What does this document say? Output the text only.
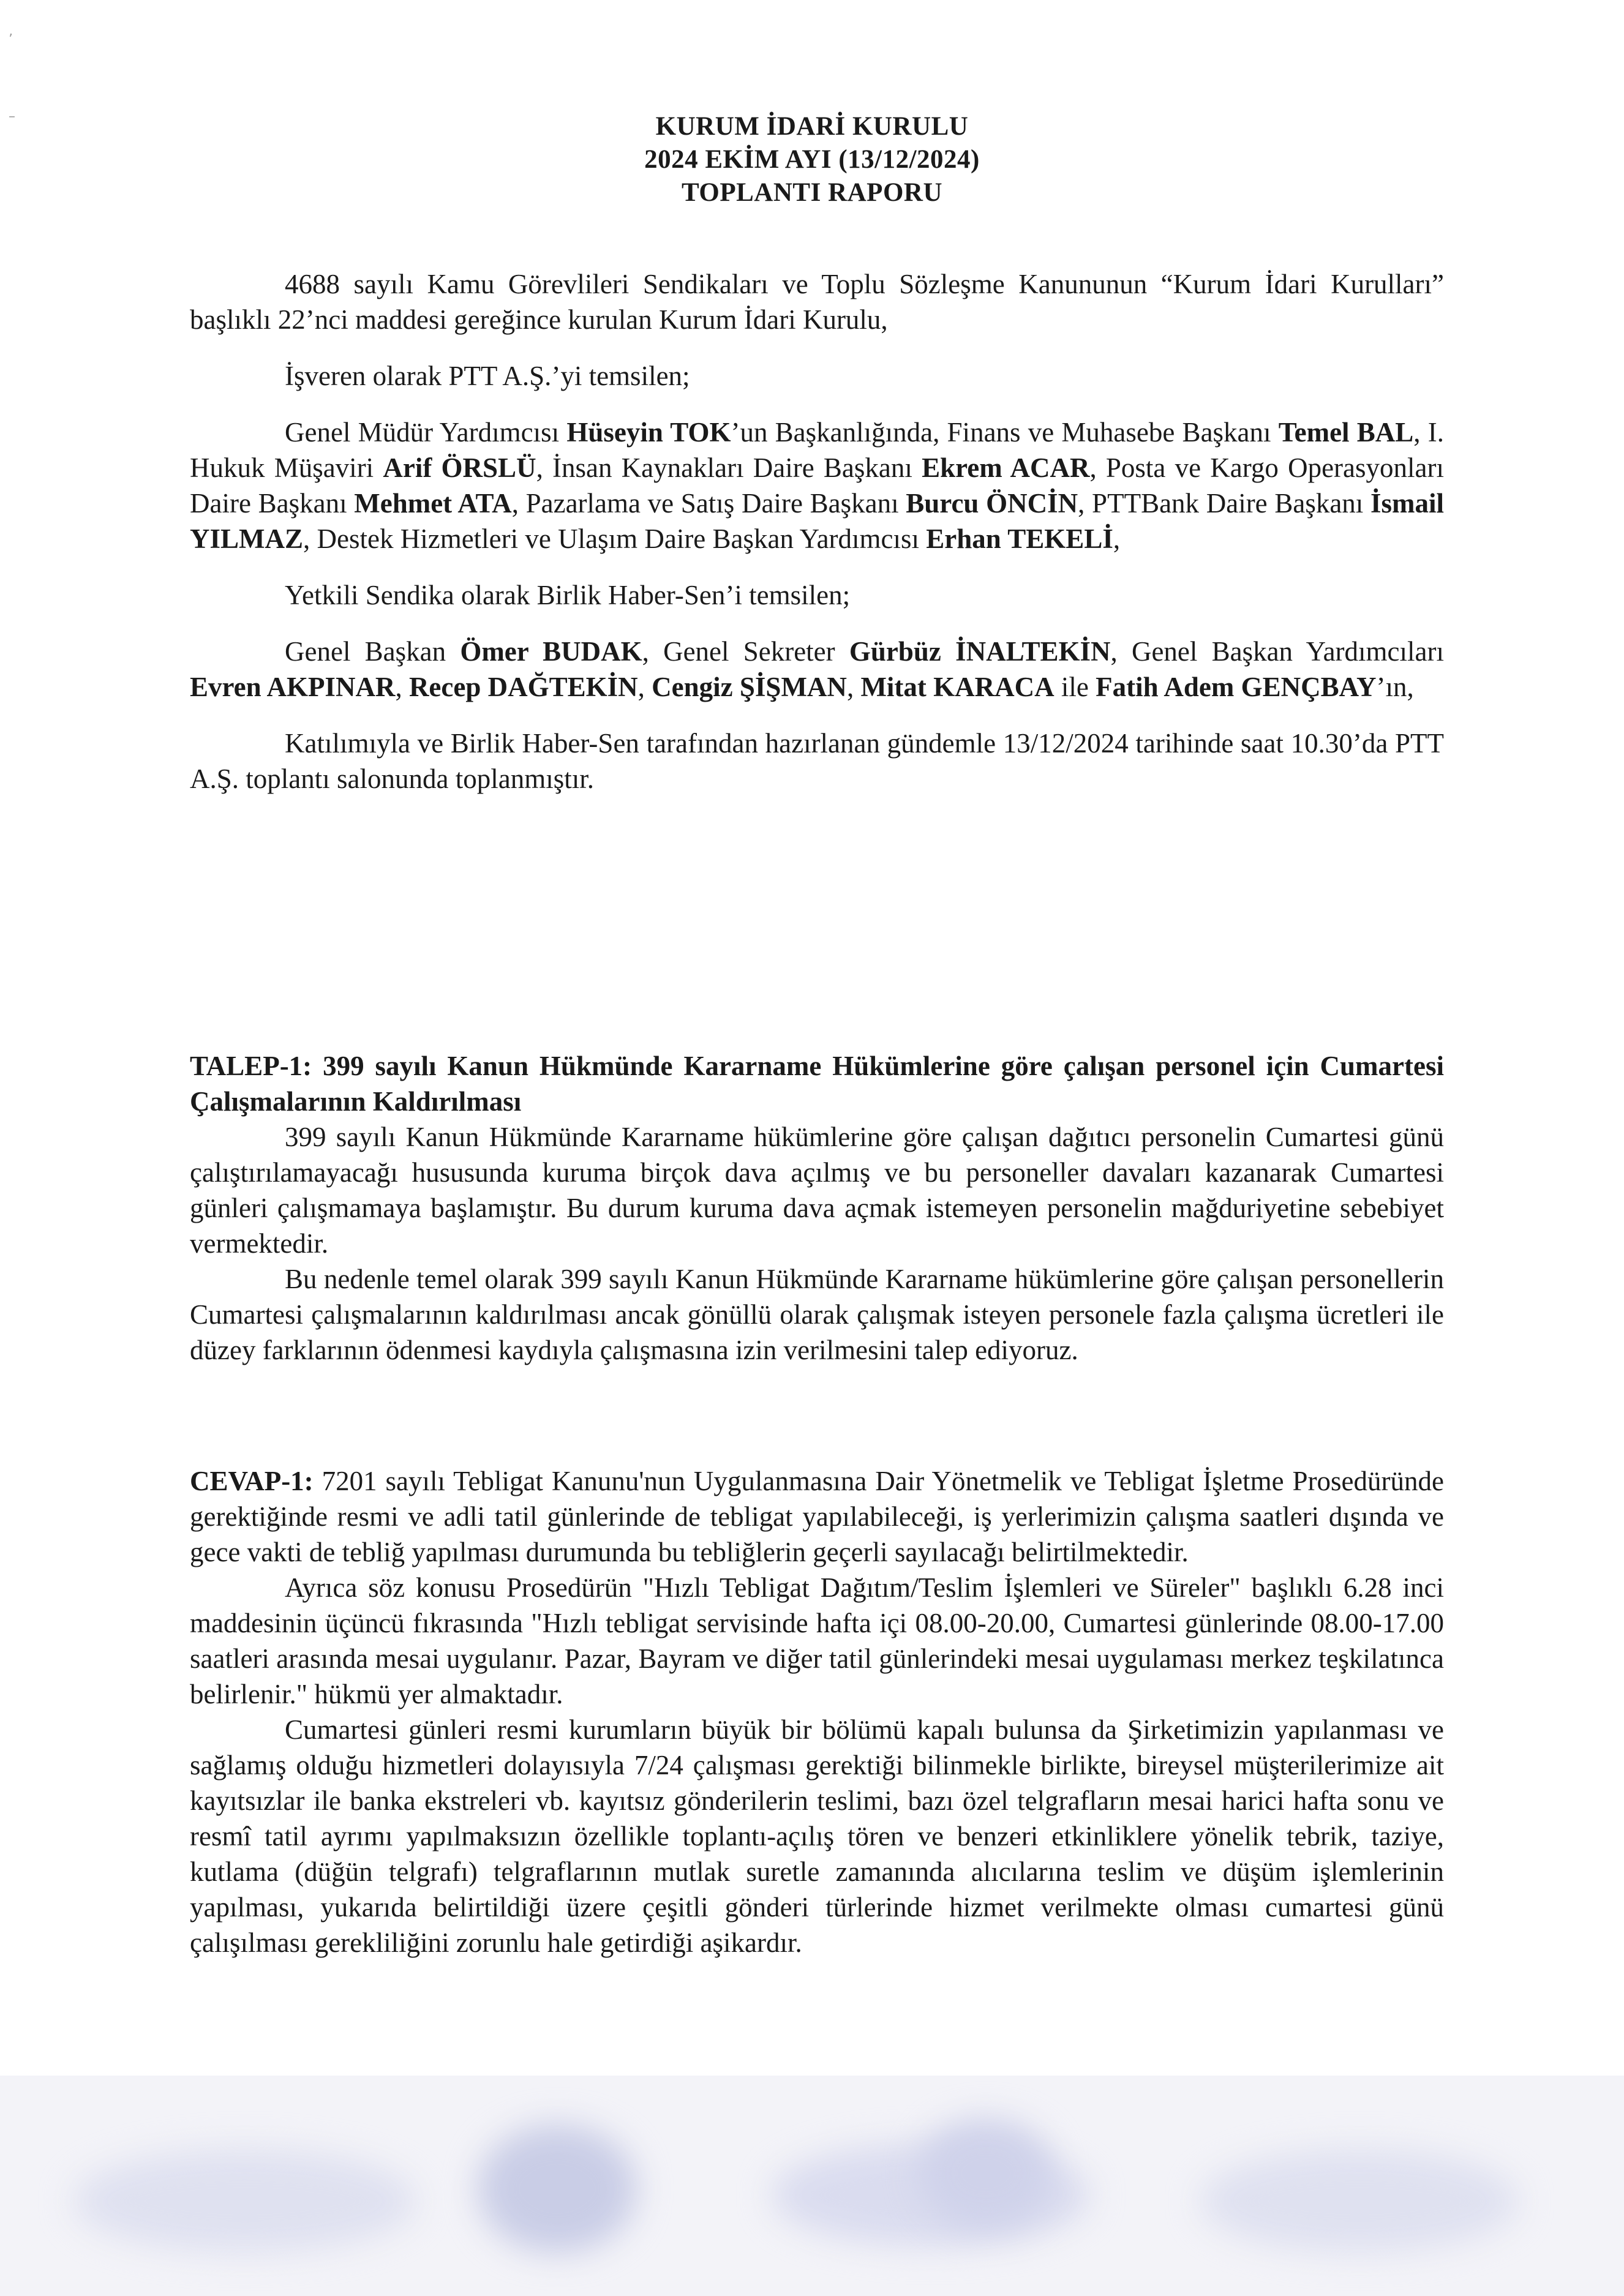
ʼ
–	KURUM İDARİ KURULU
2024 EKİM AYI (13/12/2024)
TOPLANTI RAPORU

4688 sayılı Kamu Görevlileri Sendikaları ve Toplu Sözleşme Kanununun “Kurum İdari Kurulları” başlıklı 22’nci maddesi gereğince kurulan Kurum İdari Kurulu,

İşveren olarak PTT A.Ş.’yi temsilen;

Genel Müdür Yardımcısı Hüseyin TOK’un Başkanlığında, Finans ve Muhasebe Başkanı Temel BAL, I. Hukuk Müşaviri Arif ÖRSLÜ, İnsan Kaynakları Daire Başkanı Ekrem ACAR, Posta ve Kargo Operasyonları Daire Başkanı Mehmet ATA, Pazarlama ve Satış Daire Başkanı Burcu ÖNCİN, PTTBank Daire Başkanı İsmail YILMAZ, Destek Hizmetleri ve Ulaşım Daire Başkan Yardımcısı Erhan TEKELİ,

Yetkili Sendika olarak Birlik Haber-Sen’i temsilen;

Genel Başkan Ömer BUDAK, Genel Sekreter Gürbüz İNALTEKİN, Genel Başkan Yardımcıları Evren AKPINAR, Recep DAĞTEKİN, Cengiz ŞİŞMAN, Mitat KARACA ile Fatih Adem GENÇBAY’ın,

Katılımıyla ve Birlik Haber-Sen tarafından hazırlanan gündemle 13/12/2024 tarihinde saat 10.30’da PTT A.Ş. toplantı salonunda toplanmıştır.

TALEP-1: 399 sayılı Kanun Hükmünde Kararname Hükümlerine göre çalışan personel için Cumartesi Çalışmalarının Kaldırılması

399 sayılı Kanun Hükmünde Kararname hükümlerine göre çalışan dağıtıcı personelin Cumartesi günü çalıştırılamayacağı hususunda kuruma birçok dava açılmış ve bu personeller davaları kazanarak Cumartesi günleri çalışmamaya başlamıştır. Bu durum kuruma dava açmak istemeyen personelin mağduriyetine sebebiyet vermektedir.

Bu nedenle temel olarak 399 sayılı Kanun Hükmünde Kararname hükümlerine göre çalışan personellerin Cumartesi çalışmalarının kaldırılması ancak gönüllü olarak çalışmak isteyen personele fazla çalışma ücretleri ile düzey farklarının ödenmesi kaydıyla çalışmasına izin verilmesini talep ediyoruz.

CEVAP-1: 7201 sayılı Tebligat Kanunu'nun Uygulanmasına Dair Yönetmelik ve Tebligat İşletme Prosedüründe gerektiğinde resmi ve adli tatil günlerinde de tebligat yapılabileceği, iş yerlerimizin çalışma saatleri dışında ve gece vakti de tebliğ yapılması durumunda bu tebliğlerin geçerli sayılacağı belirtilmektedir.

Ayrıca söz konusu Prosedürün "Hızlı Tebligat Dağıtım/Teslim İşlemleri ve Süreler" başlıklı 6.28 inci maddesinin üçüncü fıkrasında "Hızlı tebligat servisinde hafta içi 08.00-20.00, Cumartesi günlerinde 08.00-17.00 saatleri arasında mesai uygulanır. Pazar, Bayram ve diğer tatil günlerindeki mesai uygulaması merkez teşkilatınca belirlenir." hükmü yer almaktadır.

Cumartesi günleri resmi kurumların büyük bir bölümü kapalı bulunsa da Şirketimizin yapılanması ve sağlamış olduğu hizmetleri dolayısıyla 7/24 çalışması gerektiği bilinmekle birlikte, bireysel müşterilerimize ait kayıtsızlar ile banka ekstreleri vb. kayıtsız gönderilerin teslimi, bazı özel telgrafların mesai harici hafta sonu ve resmî tatil ayrımı yapılmaksızın özellikle toplantı-açılış tören ve benzeri etkinliklere yönelik tebrik, taziye, kutlama (düğün telgrafı) telgraflarının mutlak suretle zamanında alıcılarına teslim ve düşüm işlemlerinin yapılması, yukarıda belirtildiği üzere çeşitli gönderi türlerinde hizmet verilmekte olması cumartesi günü çalışılması gerekliliğini zorunlu hale getirdiği aşikardır.
